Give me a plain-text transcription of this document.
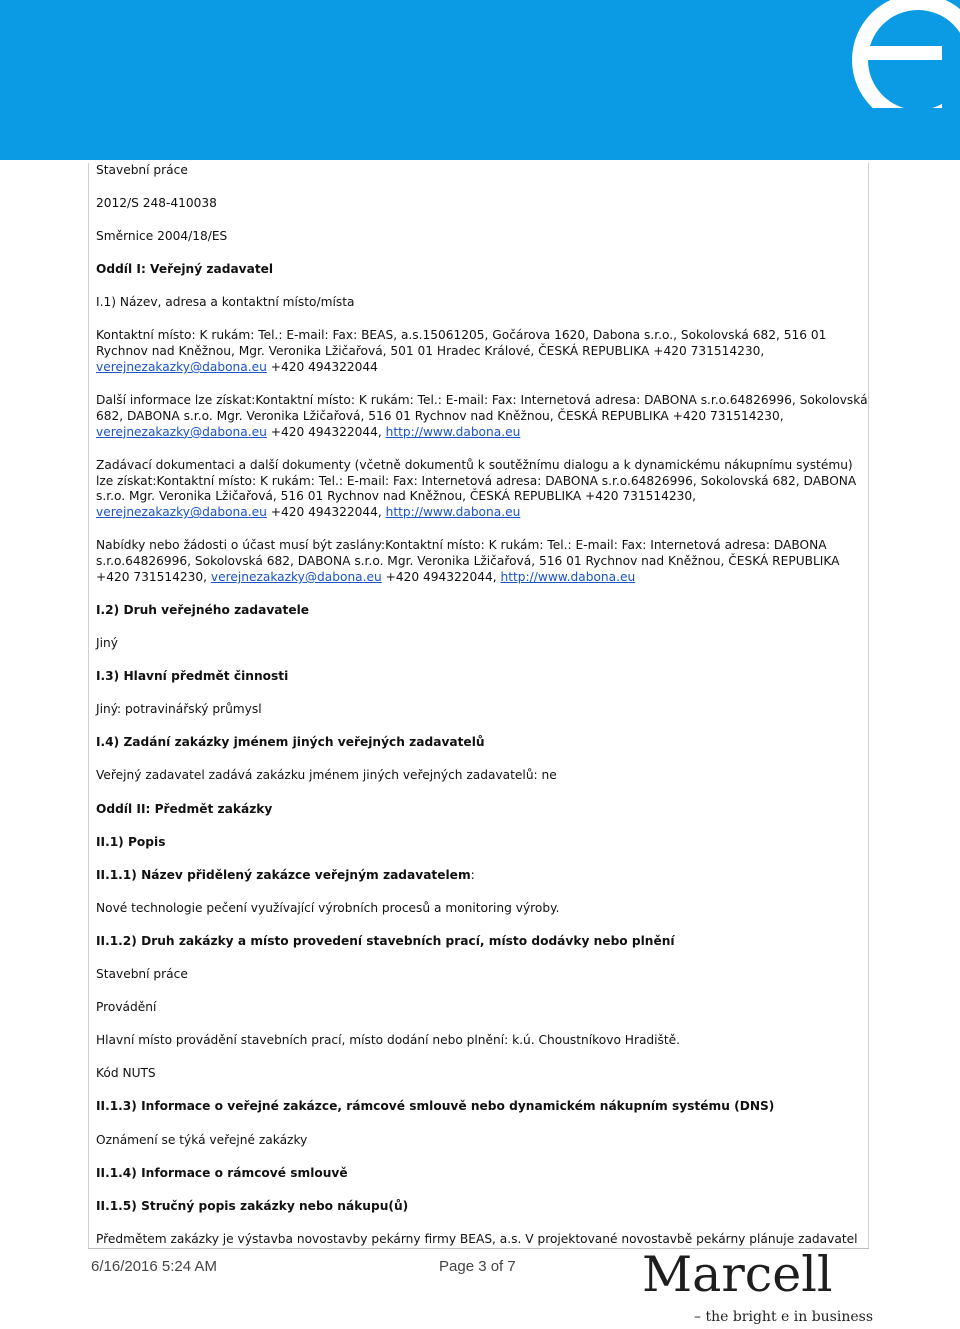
Stavební práce
2012/S 248-410038
Směrnice 2004/18/ES
Oddíl I: Veřejný zadavatel
I.1) Název, adresa a kontaktní místo/místa
Kontaktní místo: K rukám: Tel.: E-mail: Fax: BEAS, a.s.15061205, Gočárova 1620, Dabona s.r.o., Sokolovská 682, 516 01 Rychnov nad Kněžnou, Mgr. Veronika Lžičařová, 501 01 Hradec Králové, ČESKÁ REPUBLIKA +420 731514230, verejnezakazky@dabona.eu +420 494322044
Další informace lze získat:Kontaktní místo: K rukám: Tel.: E-mail: Fax: Internetová adresa: DABONA s.r.o.64826996, Sokolovská 682, DABONA s.r.o. Mgr. Veronika Lžičařová, 516 01 Rychnov nad Kněžnou, ČESKÁ REPUBLIKA +420 731514230, verejnezakazky@dabona.eu +420 494322044, http://www.dabona.eu
Zadávací dokumentaci a další dokumenty (včetně dokumentů k soutěžnímu dialogu a k dynamickému nákupnímu systému) lze získat:Kontaktní místo: K rukám: Tel.: E-mail: Fax: Internetová adresa: DABONA s.r.o.64826996, Sokolovská 682, DABONA s.r.o. Mgr. Veronika Lžičařová, 516 01 Rychnov nad Kněžnou, ČESKÁ REPUBLIKA +420 731514230, verejnezakazky@dabona.eu +420 494322044, http://www.dabona.eu
Nabídky nebo žádosti o účast musí být zaslány:Kontaktní místo: K rukám: Tel.: E-mail: Fax: Internetová adresa: DABONA s.r.o.64826996, Sokolovská 682, DABONA s.r.o. Mgr. Veronika Lžičařová, 516 01 Rychnov nad Kněžnou, ČESKÁ REPUBLIKA +420 731514230, verejnezakazky@dabona.eu +420 494322044, http://www.dabona.eu
I.2) Druh veřejného zadavatele
Jiný
I.3) Hlavní předmět činnosti
Jiný: potravinářský průmysl
I.4) Zadání zakázky jménem jiných veřejných zadavatelů
Veřejný zadavatel zadává zakázku jménem jiných veřejných zadavatelů: ne
Oddíl II: Předmět zakázky
II.1) Popis
II.1.1) Název přidělený zakázce veřejným zadavatelem:
Nové technologie pečení využívající výrobních procesů a monitoring výroby.
II.1.2) Druh zakázky a místo provedení stavebních prací, místo dodávky nebo plnění
Stavební práce
Provádění
Hlavní místo provádění stavebních prací, místo dodání nebo plnění: k.ú. Choustníkovo Hradiště.
Kód NUTS
II.1.3) Informace o veřejné zakázce, rámcové smlouvě nebo dynamickém nákupním systému (DNS)
Oznámení se týká veřejné zakázky
II.1.4) Informace o rámcové smlouvě
II.1.5) Stručný popis zakázky nebo nákupu(ů)
Předmětem zakázky je výstavba novostavby pekárny firmy BEAS, a.s. V projektované novostavbě pekárny plánuje zadavatel
6/16/2016 5:24 AM	Page 3 of 7	Marcell
– the bright e in business
